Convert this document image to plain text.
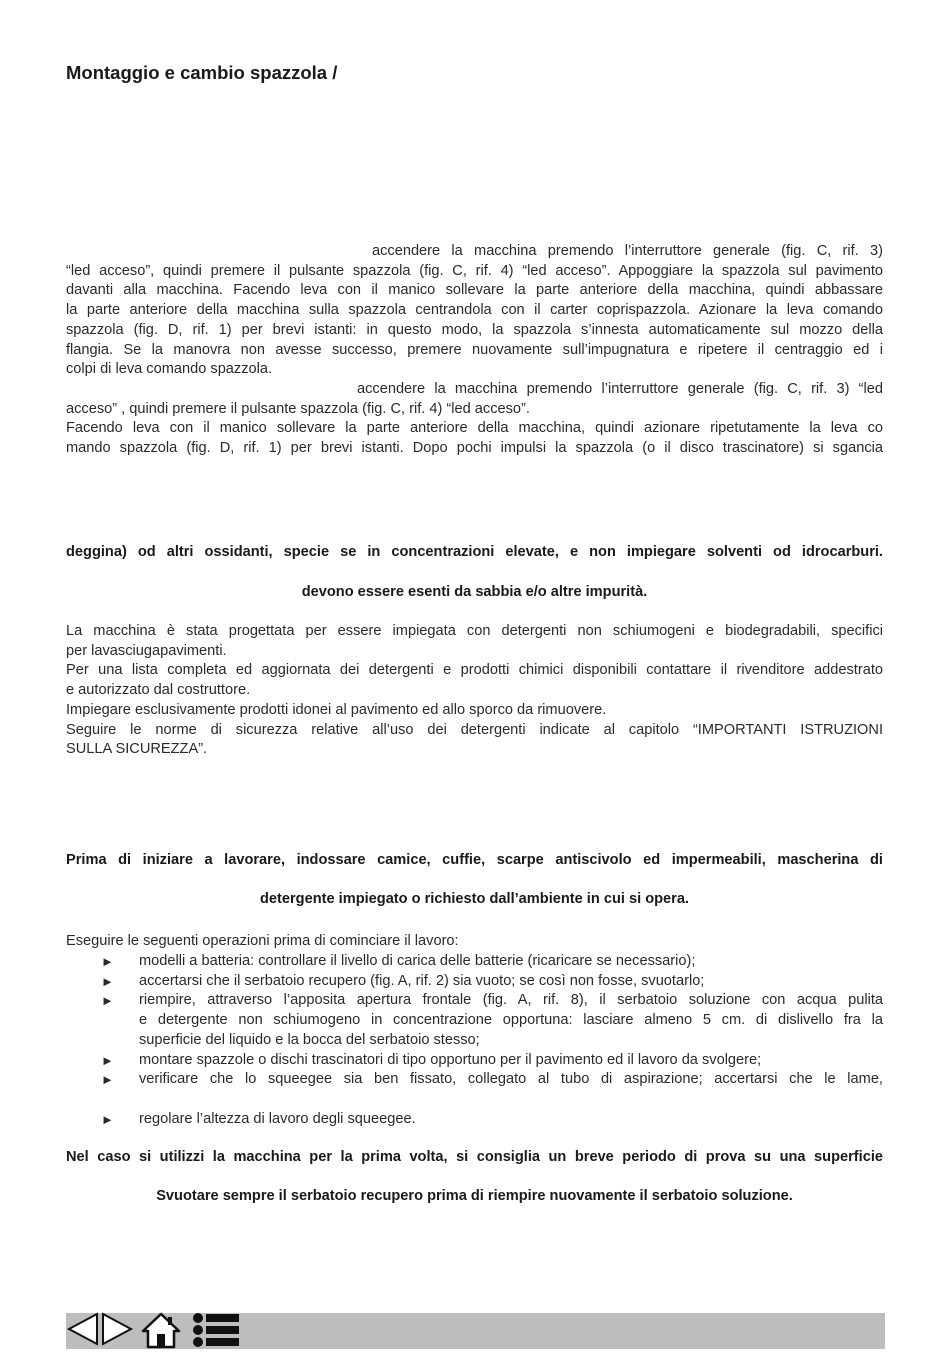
Montaggio e cambio spazzola /
accendere la macchina premendo l’interruttore generale (fig. C, rif. 3)
“led acceso”, quindi premere il pulsante spazzola (fig. C, rif. 4) “led acceso”. Appoggiare la spazzola sul pavimento
davanti alla macchina. Facendo leva con il manico sollevare la parte anteriore della macchina, quindi abbassare
la parte anteriore della macchina sulla spazzola centrandola con il carter coprispazzola. Azionare la leva comando
spazzola (fig. D, rif. 1) per brevi istanti: in questo modo, la spazzola s’innesta automaticamente sul mozzo della
flangia. Se la manovra non avesse successo, premere nuovamente sull’impugnatura e ripetere il centraggio ed i
colpi di leva comando spazzola.
accendere la macchina premendo l’interruttore generale (fig. C, rif. 3) “led
acceso” , quindi premere il pulsante spazzola (fig. C, rif. 4) “led acceso”.
Facendo leva con il manico sollevare la parte anteriore della macchina, quindi azionare ripetutamente la leva co
mando spazzola (fig. D, rif. 1) per brevi istanti. Dopo pochi impulsi la spazzola (o il disco trascinatore) si sgancia
deggina) od altri ossidanti, specie se in concentrazioni elevate, e non impiegare solventi od idrocarburi.
devono essere esenti da sabbia e/o altre impurità.
La macchina è stata progettata per essere impiegata con detergenti non schiumogeni e biodegradabili, specifici
per lavasciugapavimenti.
Per una lista completa ed aggiornata dei detergenti e prodotti chimici disponibili contattare il rivenditore addestrato
e autorizzato dal costruttore.
Impiegare esclusivamente prodotti idonei al pavimento ed allo sporco da rimuovere.
Seguire le norme di sicurezza relative all’uso dei detergenti indicate al capitolo “IMPORTANTI ISTRUZIONI
SULLA SICUREZZA”.
Prima di iniziare a lavorare, indossare camice, cuffie, scarpe antiscivolo ed impermeabili, mascherina di
detergente impiegato o richiesto dall’ambiente in cui si opera.
Eseguire le seguenti operazioni prima di cominciare il lavoro:
► modelli a batteria: controllare il livello di carica delle batterie (ricaricare se necessario);
► accertarsi che il serbatoio recupero (fig. A, rif. 2) sia vuoto; se così non fosse, svuotarlo;
► riempire, attraverso l’apposita apertura frontale (fig. A, rif. 8), il serbatoio soluzione con acqua pulita
e detergente non schiumogeno in concentrazione opportuna: lasciare almeno 5 cm. di dislivello fra la
superficie del liquido e la bocca del serbatoio stesso;
► montare spazzole o dischi trascinatori di tipo opportuno per il pavimento ed il lavoro da svolgere;
► verificare che lo squeegee sia ben fissato, collegato al tubo di aspirazione; accertarsi che le lame,
► regolare l’altezza di lavoro degli squeegee.
Nel caso si utilizzi la macchina per la prima volta, si consiglia un breve periodo di prova su una superficie
Svuotare sempre il serbatoio recupero prima di riempire nuovamente il serbatoio soluzione.
